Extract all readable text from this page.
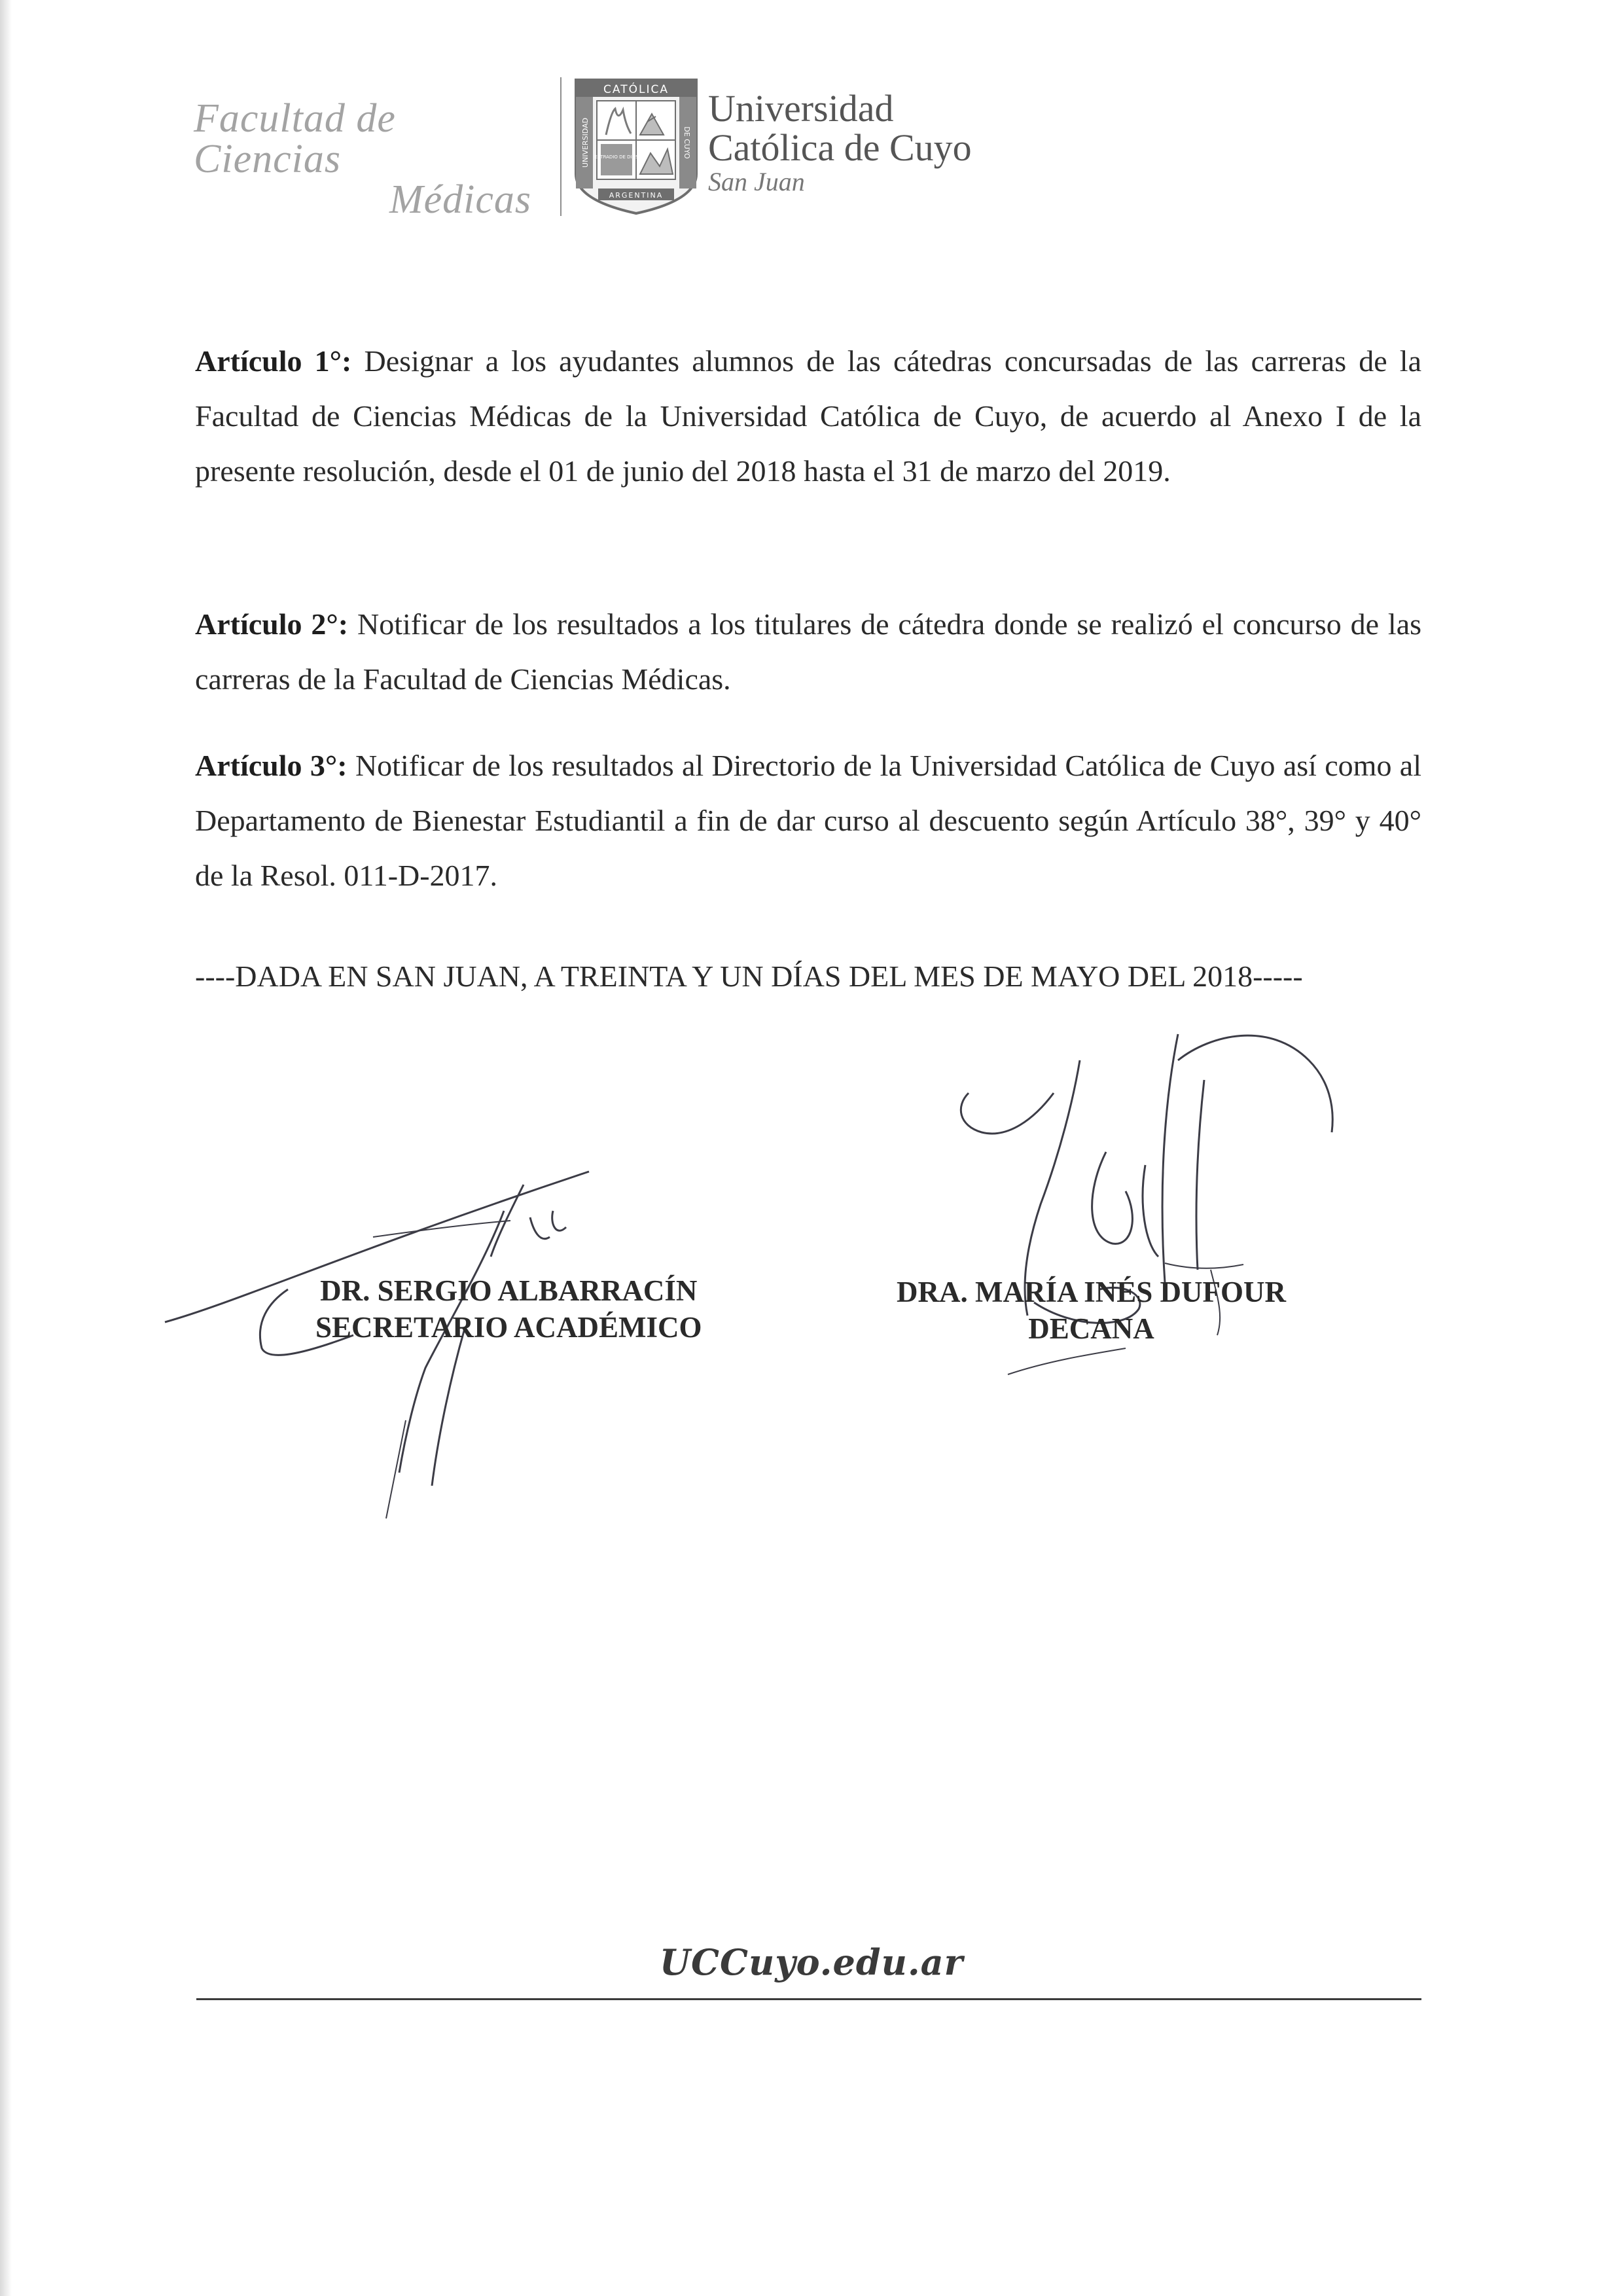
Facultad de Ciencias
Médicas
CATÓLICA
UNIVERSIDAD	DE CUYO
ESTRADIO DE DIOS
ARGENTINA
Universidad
Católica de Cuyo
San Juan
Artículo 1°: Designar a los ayudantes alumnos de las cátedras concursadas de las carreras de la Facultad de Ciencias Médicas de la Universidad Católica de Cuyo, de acuerdo al Anexo I de la presente resolución, desde el 01 de junio del 2018 hasta el 31 de marzo del 2019.
Artículo 2°: Notificar de los resultados a los titulares de cátedra donde se realizó el concurso de las carreras de la Facultad de Ciencias Médicas.
Artículo 3°: Notificar de los resultados al Directorio de la Universidad Católica de Cuyo así como al Departamento de Bienestar Estudiantil a fin de dar curso al descuento según Artículo 38°, 39° y 40° de la Resol. 011-D-2017.
----DADA EN SAN JUAN, A TREINTA Y UN DÍAS DEL MES DE MAYO DEL 2018-----
DR. SERGIO ALBARRACÍN
SECRETARIO ACADÉMICO
DRA. MARÍA INÉS DUFOUR
DECANA
UCCuyo.edu.ar
